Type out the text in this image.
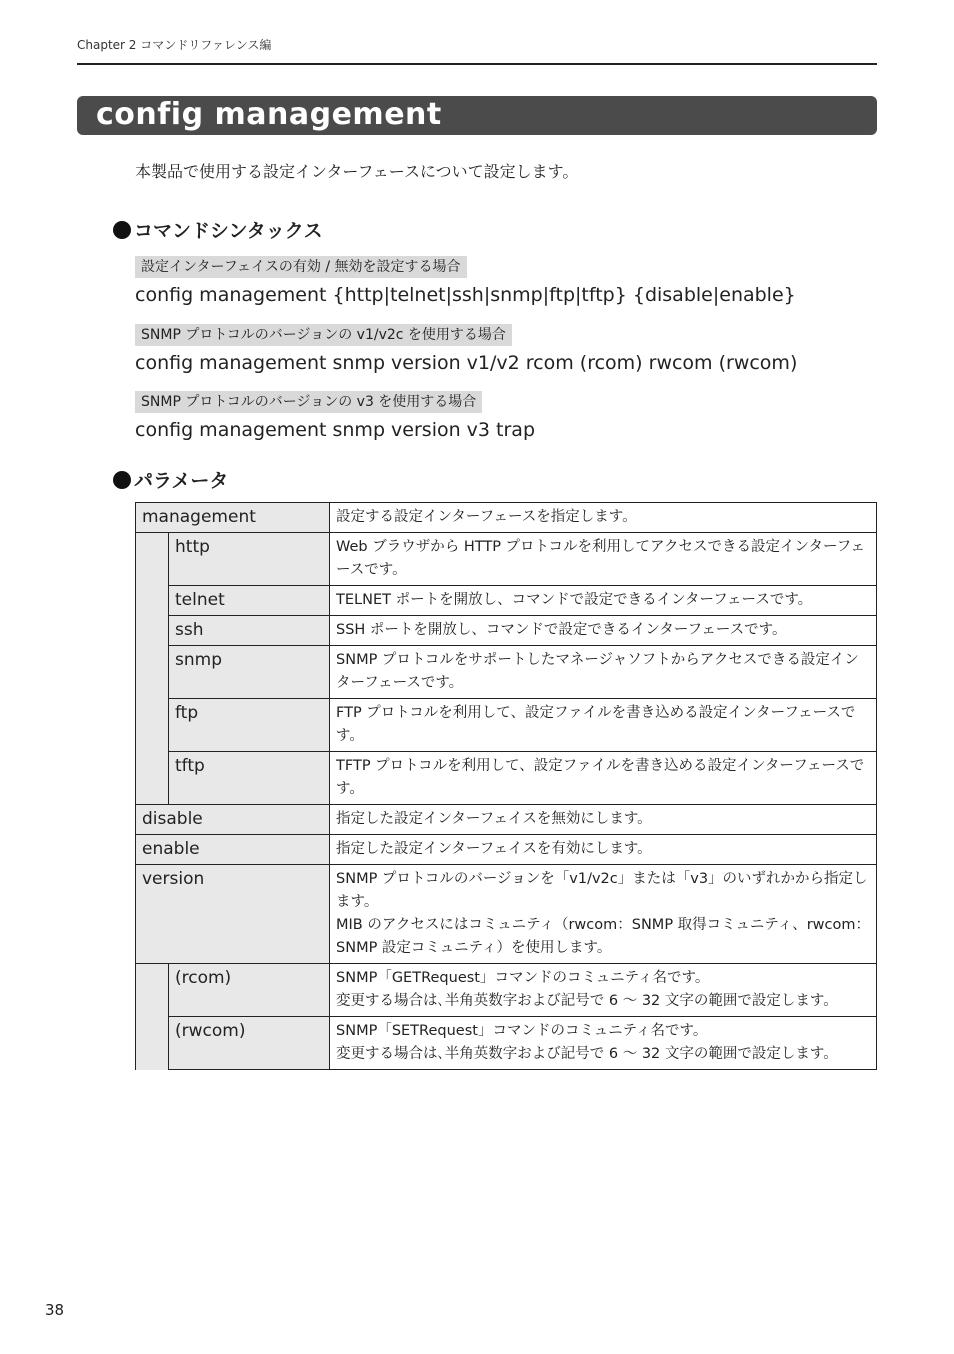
Chapter 2 コマンドリファレンス編
config management
本製品で使用する設定インターフェースについて設定します。
コマンドシンタックス
設定インターフェイスの有効 / 無効を設定する場合
config management {http|telnet|ssh|snmp|ftp|tftp} {disable|enable}
SNMP プロトコルのバージョンの v1/v2c を使用する場合
config management snmp version v1/v2 rcom (rcom) rwcom (rwcom)
SNMP プロトコルのバージョンの v3 を使用する場合
config management snmp version v3 trap
パラメータ
management		設定する設定インターフェースを指定します。
	http	Web ブラウザから HTTP プロトコルを利用してアクセスできる設定インターフェースです。
	telnet	TELNET ポートを開放し、コマンドで設定できるインターフェースです。
	ssh	SSH ポートを開放し、コマンドで設定できるインターフェースです。
	snmp	SNMP プロトコルをサポートしたマネージャソフトからアクセスできる設定インターフェースです。
	ftp	FTP プロトコルを利用して、設定ファイルを書き込める設定インターフェースです。
	tftp	TFTP プロトコルを利用して、設定ファイルを書き込める設定インターフェースです。
disable		指定した設定インターフェイスを無効にします。
enable		指定した設定インターフェイスを有効にします。
version		SNMP プロトコルのバージョンを「v1/v2c」または「v3」のいずれかから指定します。
MIB のアクセスにはコミュニティ（rwcom：SNMP 取得コミュニティ、rwcom：SNMP 設定コミュニティ）を使用します。

	(rcom)	SNMP「GETRequest」コマンドのコミュニティ名です。
変更する場合は､半角英数字および記号で 6 〜 32 文字の範囲で設定します。

	(rwcom)	SNMP「SETRequest」コマンドのコミュニティ名です。
変更する場合は､半角英数字および記号で 6 〜 32 文字の範囲で設定します。
38
